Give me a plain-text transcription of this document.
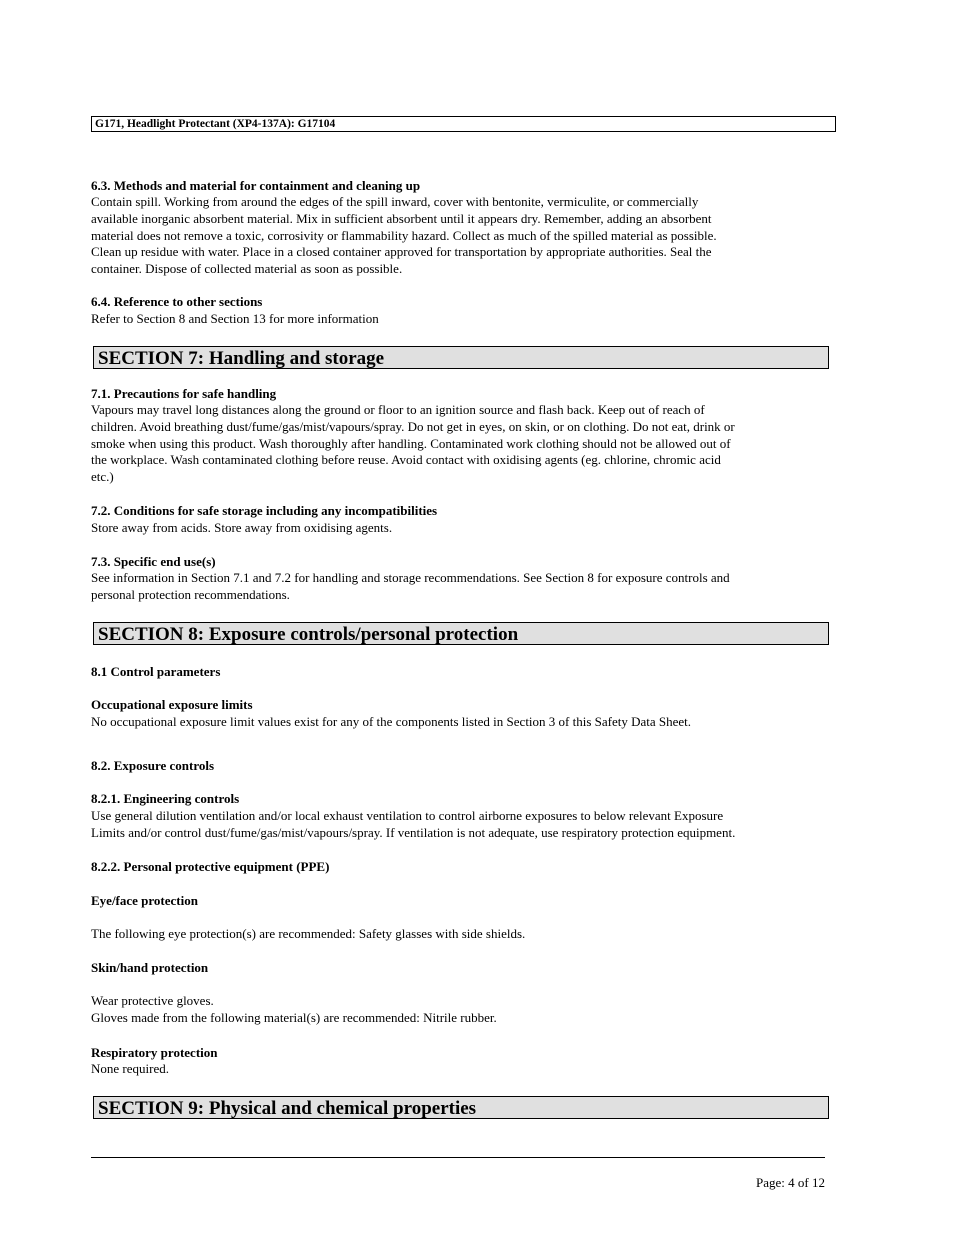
G171, Headlight Protectant (XP4-137A): G17104
6.3. Methods and material for containment and cleaning up
Contain spill. Working from around the edges of the spill inward, cover with bentonite, vermiculite, or commercially
available inorganic absorbent material. Mix in sufficient absorbent until it appears dry. Remember, adding an absorbent
material does not remove a toxic, corrosivity or flammability hazard. Collect as much of the spilled material as possible.
Clean up residue with water. Place in a closed container approved for transportation by appropriate authorities. Seal the
container. Dispose of collected material as soon as possible.
6.4. Reference to other sections
Refer to Section 8 and Section 13 for more information
SECTION 7: Handling and storage
7.1. Precautions for safe handling
Vapours may travel long distances along the ground or floor to an ignition source and flash back. Keep out of reach of
children. Avoid breathing dust/fume/gas/mist/vapours/spray. Do not get in eyes, on skin, or on clothing. Do not eat, drink or
smoke when using this product. Wash thoroughly after handling. Contaminated work clothing should not be allowed out of
the workplace. Wash contaminated clothing before reuse. Avoid contact with oxidising agents (eg. chlorine, chromic acid
etc.)
7.2. Conditions for safe storage including any incompatibilities
Store away from acids. Store away from oxidising agents.
7.3. Specific end use(s)
See information in Section 7.1 and 7.2 for handling and storage recommendations. See Section 8 for exposure controls and
personal protection recommendations.
SECTION 8: Exposure controls/personal protection
8.1 Control parameters
Occupational exposure limits
No occupational exposure limit values exist for any of the components listed in Section 3 of this Safety Data Sheet.
8.2. Exposure controls
8.2.1. Engineering controls
Use general dilution ventilation and/or local exhaust ventilation to control airborne exposures to below relevant Exposure
Limits and/or control dust/fume/gas/mist/vapours/spray. If ventilation is not adequate, use respiratory protection equipment.
8.2.2. Personal protective equipment (PPE)
Eye/face protection
The following eye protection(s) are recommended: Safety glasses with side shields.
Skin/hand protection
Wear protective gloves.
Gloves made from the following material(s) are recommended: Nitrile rubber.
Respiratory protection
None required.
SECTION 9: Physical and chemical properties
Page: 4 of 12
